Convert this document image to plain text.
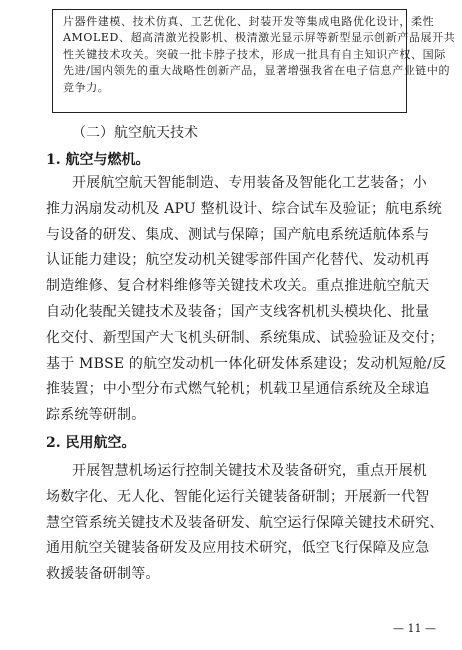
片器件建模、技术仿真、工艺优化、封装开发等集成电路优化设计，柔性
AMOLED、超高清激光投影机、极清激光显示屏等新型显示创新产品展开共
性关键技术攻关。突破一批卡脖子技术，形成一批具有自主知识产权、国际
先进/国内领先的重大战略性创新产品，显著增强我省在电子信息产业链中的
竞争力。
（二）航空航天技术
1. 航空与燃机。
开展航空航天智能制造、专用装备及智能化工艺装备；小
推力涡扇发动机及 APU 整机设计、综合试车及验证；航电系统
与设备的研发、集成、测试与保障；国产航电系统适航体系与
认证能力建设；航空发动机关键零部件国产化替代、发动机再
制造维修、复合材料维修等关键技术攻关。重点推进航空航天
自动化装配关键技术及装备；国产支线客机机头模块化、批量
化交付、新型国产大飞机头研制、系统集成、试验验证及交付；
基于 MBSE 的航空发动机一体化研发体系建设；发动机短舱/反
推装置；中小型分布式燃气轮机；机载卫星通信系统及全球追
踪系统等研制。
2. 民用航空。
开展智慧机场运行控制关键技术及装备研究，重点开展机
场数字化、无人化、智能化运行关键装备研制；开展新一代智
慧空管系统关键技术及装备研发、航空运行保障关键技术研究、
通用航空关键装备研发及应用技术研究，低空飞行保障及应急
救援装备研制等。
— 11 —
